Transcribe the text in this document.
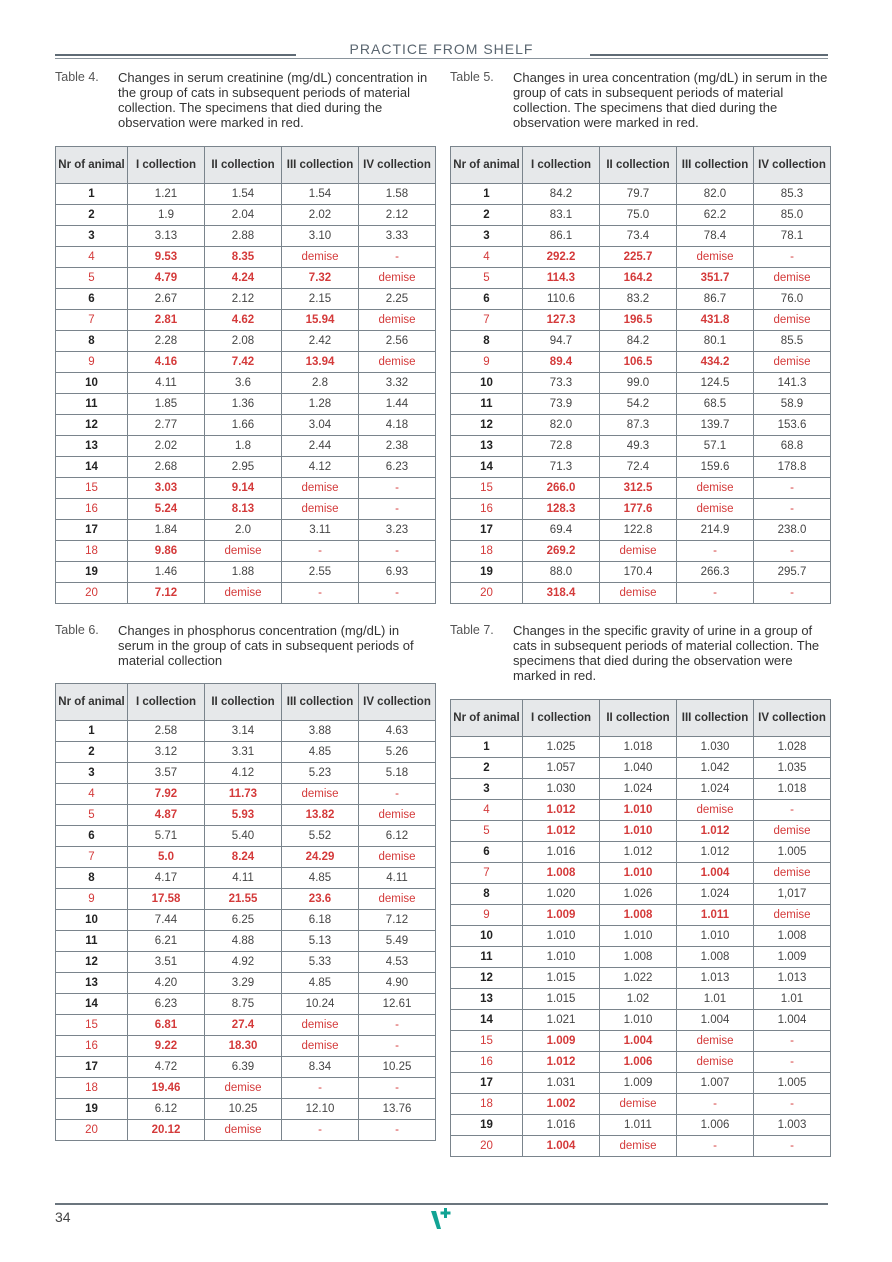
PRACTICE FROM SHELF
Table 4.	Changes in serum creatinine (mg/dL) concentration in the group of cats in subsequent periods of material collection. The specimens that died during the observation were marked in red.
Nr of animal	I collection	II collection	III collection	IV collection
1	1.21	1.54	1.54	1.58
2	1.9	2.04	2.02	2.12
3	3.13	2.88	3.10	3.33
4	9.53	8.35	demise	-
5	4.79	4.24	7.32	demise
6	2.67	2.12	2.15	2.25
7	2.81	4.62	15.94	demise
8	2.28	2.08	2.42	2.56
9	4.16	7.42	13.94	demise
10	4.11	3.6	2.8	3.32
11	1.85	1.36	1.28	1.44
12	2.77	1.66	3.04	4.18
13	2.02	1.8	2.44	2.38
14	2.68	2.95	4.12	6.23
15	3.03	9.14	demise	-
16	5.24	8.13	demise	-
17	1.84	2.0	3.11	3.23
18	9.86	demise	-	-
19	1.46	1.88	2.55	6.93
20	7.12	demise	-	-
Table 5.	Changes in urea concentration (mg/dL) in serum in the group of cats in subsequent periods of material collection. The specimens that died during the observation were marked in red.
Nr of animal	I collection	II collection	III collection	IV collection
1	84.2	79.7	82.0	85.3
2	83.1	75.0	62.2	85.0
3	86.1	73.4	78.4	78.1
4	292.2	225.7	demise	-
5	114.3	164.2	351.7	demise
6	110.6	83.2	86.7	76.0
7	127.3	196.5	431.8	demise
8	94.7	84.2	80.1	85.5
9	89.4	106.5	434.2	demise
10	73.3	99.0	124.5	141.3
11	73.9	54.2	68.5	58.9
12	82.0	87.3	139.7	153.6
13	72.8	49.3	57.1	68.8
14	71.3	72.4	159.6	178.8
15	266.0	312.5	demise	-
16	128.3	177.6	demise	-
17	69.4	122.8	214.9	238.0
18	269.2	demise	-	-
19	88.0	170.4	266.3	295.7
20	318.4	demise	-	-
Table 6.	Changes in phosphorus concentration (mg/dL) in serum in the group of cats in subsequent periods of material collection
Nr of animal	I collection	II collection	III collection	IV collection
1	2.58	3.14	3.88	4.63
2	3.12	3.31	4.85	5.26
3	3.57	4.12	5.23	5.18
4	7.92	11.73	demise	-
5	4.87	5.93	13.82	demise
6	5.71	5.40	5.52	6.12
7	5.0	8.24	24.29	demise
8	4.17	4.11	4.85	4.11
9	17.58	21.55	23.6	demise
10	7.44	6.25	6.18	7.12
11	6.21	4.88	5.13	5.49
12	3.51	4.92	5.33	4.53
13	4.20	3.29	4.85	4.90
14	6.23	8.75	10.24	12.61
15	6.81	27.4	demise	-
16	9.22	18.30	demise	-
17	4.72	6.39	8.34	10.25
18	19.46	demise	-	-
19	6.12	10.25	12.10	13.76
20	20.12	demise	-	-
Table 7.	Changes in the specific gravity of urine in a group of cats in subsequent periods of material collection. The specimens that died during the observation were marked in red.
Nr of animal	I collection	II collection	III collection	IV collection
1	1.025	1.018	1.030	1.028
2	1.057	1.040	1.042	1.035
3	1.030	1.024	1.024	1.018
4	1.012	1.010	demise	-
5	1.012	1.010	1.012	demise
6	1.016	1.012	1.012	1.005
7	1.008	1.010	1.004	demise
8	1.020	1.026	1.024	1,017
9	1.009	1.008	1.011	demise
10	1.010	1.010	1.010	1.008
11	1.010	1.008	1.008	1.009
12	1.015	1.022	1.013	1.013
13	1.015	1.02	1.01	1.01
14	1.021	1.010	1.004	1.004
15	1.009	1.004	demise	-
16	1.012	1.006	demise	-
17	1.031	1.009	1.007	1.005
18	1.002	demise	-	-
19	1.016	1.011	1.006	1.003
20	1.004	demise	-	-
34
